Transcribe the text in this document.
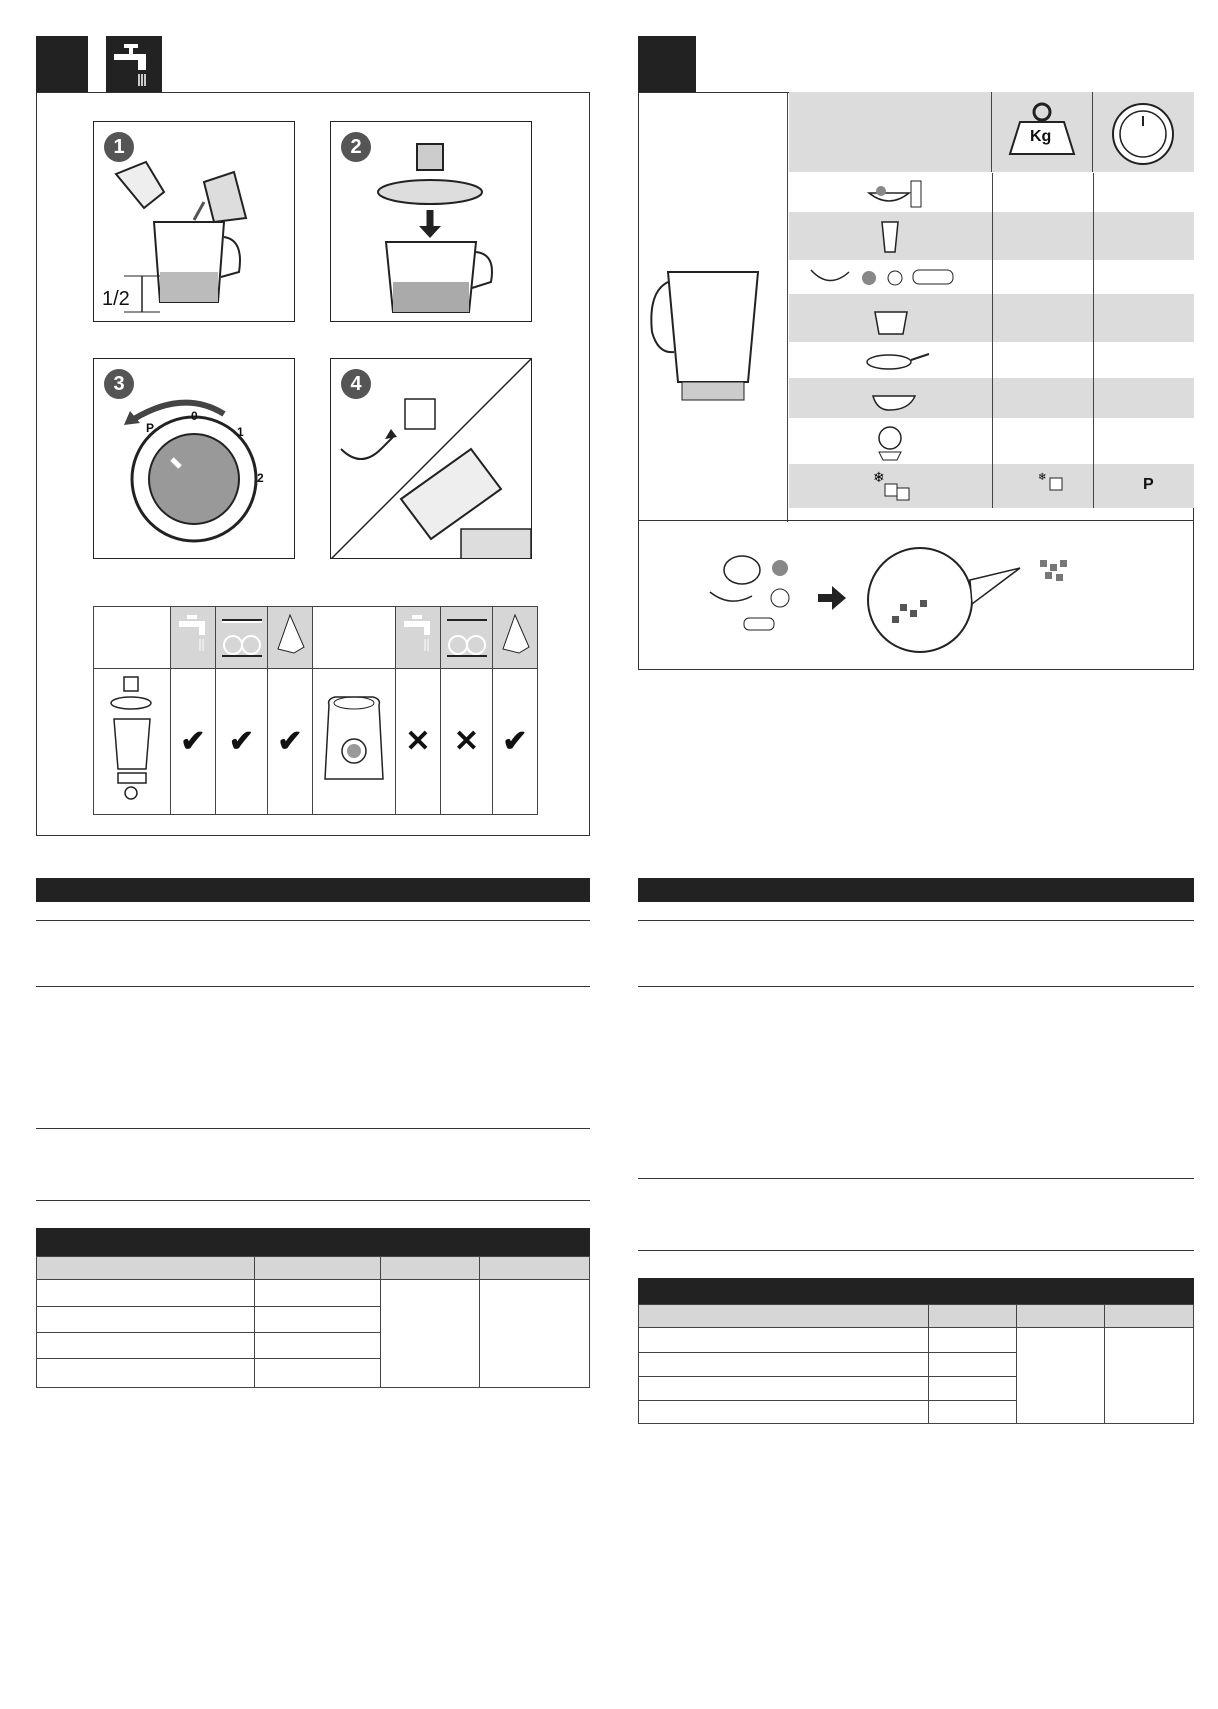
1
1/2
2
3
P
0
1
2
4

	✔	✔	✔		✕	✕	✔
Kg
❄	❄	P
